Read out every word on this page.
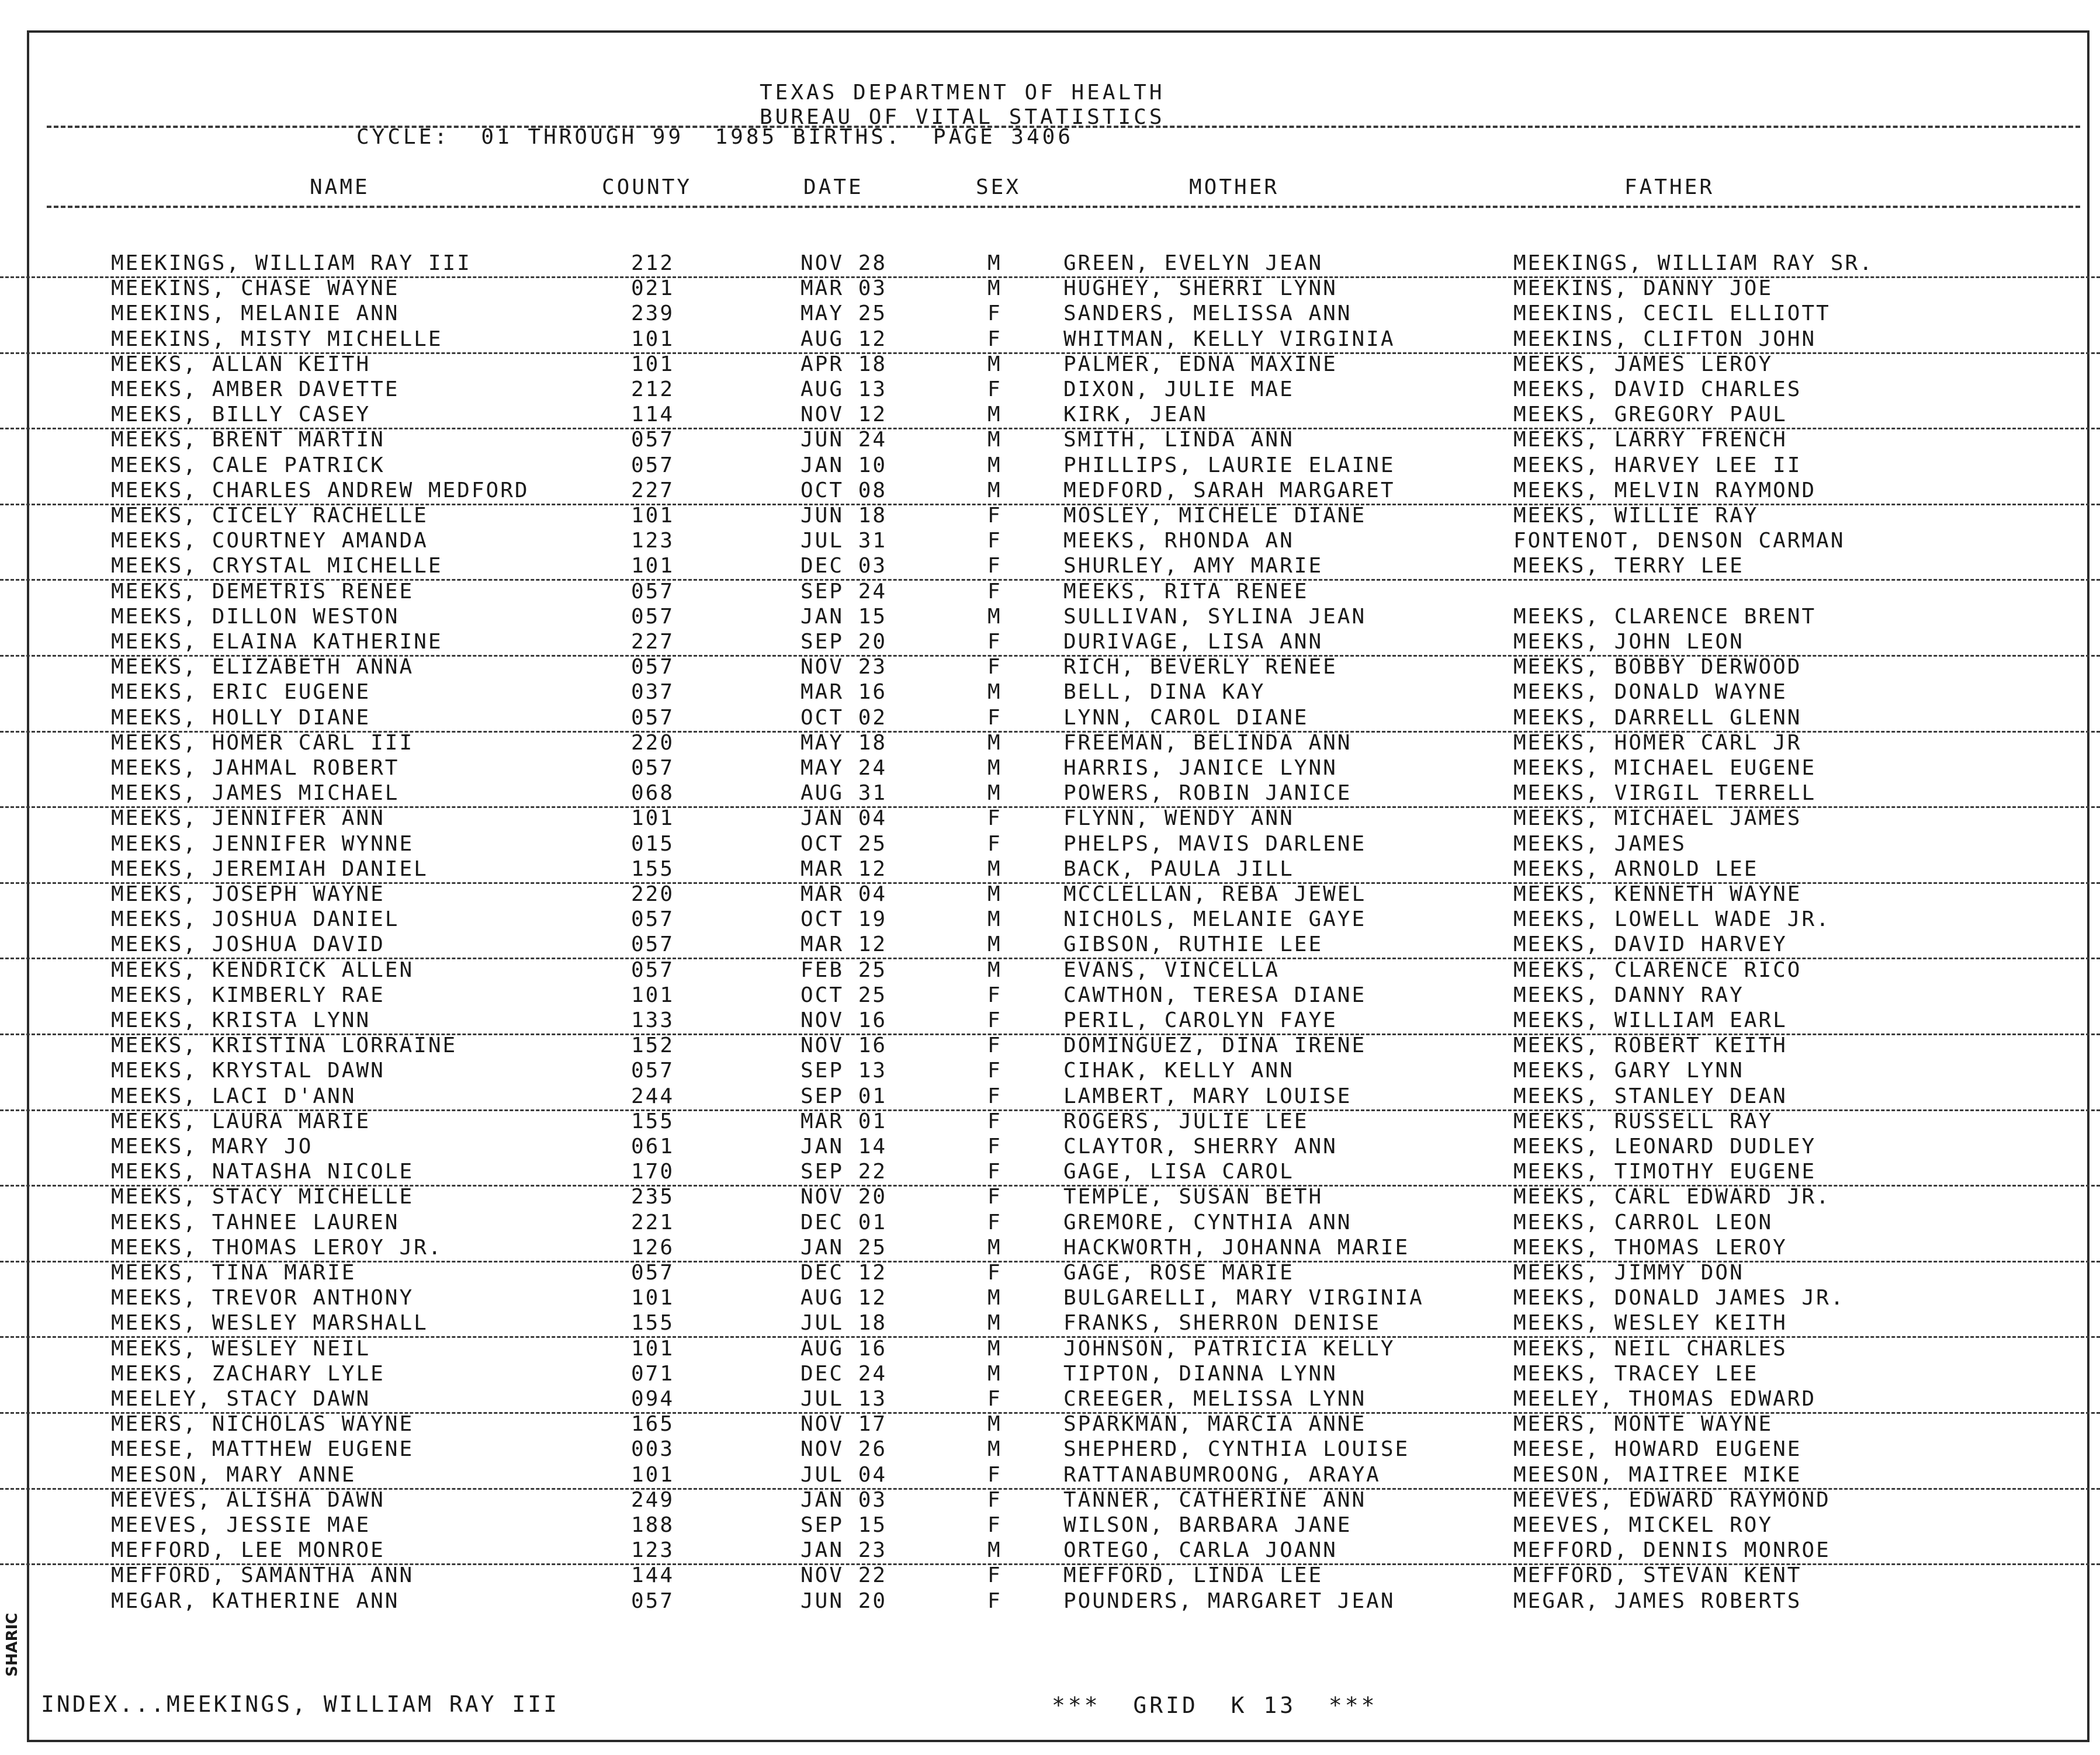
TEXAS DEPARTMENT OF HEALTH
BUREAU OF VITAL STATISTICS
CYCLE:  01 THROUGH 99  1985 BIRTHS.  PAGE 3406
NAME	COUNTY	DATE	SEX	MOTHER	FATHER
MEEKINGS, WILLIAM RAY III	212	NOV 28	M	GREEN, EVELYN JEAN	MEEKINGS, WILLIAM RAY SR.
MEEKINS, CHASE WAYNE	021	MAR 03	M	HUGHEY, SHERRI LYNN	MEEKINS, DANNY JOE
MEEKINS, MELANIE ANN	239	MAY 25	F	SANDERS, MELISSA ANN	MEEKINS, CECIL ELLIOTT
MEEKINS, MISTY MICHELLE	101	AUG 12	F	WHITMAN, KELLY VIRGINIA	MEEKINS, CLIFTON JOHN
MEEKS, ALLAN KEITH	101	APR 18	M	PALMER, EDNA MAXINE	MEEKS, JAMES LEROY
MEEKS, AMBER DAVETTE	212	AUG 13	F	DIXON, JULIE MAE	MEEKS, DAVID CHARLES
MEEKS, BILLY CASEY	114	NOV 12	M	KIRK, JEAN	MEEKS, GREGORY PAUL
MEEKS, BRENT MARTIN	057	JUN 24	M	SMITH, LINDA ANN	MEEKS, LARRY FRENCH
MEEKS, CALE PATRICK	057	JAN 10	M	PHILLIPS, LAURIE ELAINE	MEEKS, HARVEY LEE II
MEEKS, CHARLES ANDREW MEDFORD	227	OCT 08	M	MEDFORD, SARAH MARGARET	MEEKS, MELVIN RAYMOND
MEEKS, CICELY RACHELLE	101	JUN 18	F	MOSLEY, MICHELE DIANE	MEEKS, WILLIE RAY
MEEKS, COURTNEY AMANDA	123	JUL 31	F	MEEKS, RHONDA AN	FONTENOT, DENSON CARMAN
MEEKS, CRYSTAL MICHELLE	101	DEC 03	F	SHURLEY, AMY MARIE	MEEKS, TERRY LEE
MEEKS, DEMETRIS RENEE	057	SEP 24	F	MEEKS, RITA RENEE
MEEKS, DILLON WESTON	057	JAN 15	M	SULLIVAN, SYLINA JEAN	MEEKS, CLARENCE BRENT
MEEKS, ELAINA KATHERINE	227	SEP 20	F	DURIVAGE, LISA ANN	MEEKS, JOHN LEON
MEEKS, ELIZABETH ANNA	057	NOV 23	F	RICH, BEVERLY RENEE	MEEKS, BOBBY DERWOOD
MEEKS, ERIC EUGENE	037	MAR 16	M	BELL, DINA KAY	MEEKS, DONALD WAYNE
MEEKS, HOLLY DIANE	057	OCT 02	F	LYNN, CAROL DIANE	MEEKS, DARRELL GLENN
MEEKS, HOMER CARL III	220	MAY 18	M	FREEMAN, BELINDA ANN	MEEKS, HOMER CARL JR
MEEKS, JAHMAL ROBERT	057	MAY 24	M	HARRIS, JANICE LYNN	MEEKS, MICHAEL EUGENE
MEEKS, JAMES MICHAEL	068	AUG 31	M	POWERS, ROBIN JANICE	MEEKS, VIRGIL TERRELL
MEEKS, JENNIFER ANN	101	JAN 04	F	FLYNN, WENDY ANN	MEEKS, MICHAEL JAMES
MEEKS, JENNIFER WYNNE	015	OCT 25	F	PHELPS, MAVIS DARLENE	MEEKS, JAMES
MEEKS, JEREMIAH DANIEL	155	MAR 12	M	BACK, PAULA JILL	MEEKS, ARNOLD LEE
MEEKS, JOSEPH WAYNE	220	MAR 04	M	MCCLELLAN, REBA JEWEL	MEEKS, KENNETH WAYNE
MEEKS, JOSHUA DANIEL	057	OCT 19	M	NICHOLS, MELANIE GAYE	MEEKS, LOWELL WADE JR.
MEEKS, JOSHUA DAVID	057	MAR 12	M	GIBSON, RUTHIE LEE	MEEKS, DAVID HARVEY
MEEKS, KENDRICK ALLEN	057	FEB 25	M	EVANS, VINCELLA	MEEKS, CLARENCE RICO
MEEKS, KIMBERLY RAE	101	OCT 25	F	CAWTHON, TERESA DIANE	MEEKS, DANNY RAY
MEEKS, KRISTA LYNN	133	NOV 16	F	PERIL, CAROLYN FAYE	MEEKS, WILLIAM EARL
MEEKS, KRISTINA LORRAINE	152	NOV 16	F	DOMINGUEZ, DINA IRENE	MEEKS, ROBERT KEITH
MEEKS, KRYSTAL DAWN	057	SEP 13	F	CIHAK, KELLY ANN	MEEKS, GARY LYNN
MEEKS, LACI D'ANN	244	SEP 01	F	LAMBERT, MARY LOUISE	MEEKS, STANLEY DEAN
MEEKS, LAURA MARIE	155	MAR 01	F	ROGERS, JULIE LEE	MEEKS, RUSSELL RAY
MEEKS, MARY JO	061	JAN 14	F	CLAYTOR, SHERRY ANN	MEEKS, LEONARD DUDLEY
MEEKS, NATASHA NICOLE	170	SEP 22	F	GAGE, LISA CAROL	MEEKS, TIMOTHY EUGENE
MEEKS, STACY MICHELLE	235	NOV 20	F	TEMPLE, SUSAN BETH	MEEKS, CARL EDWARD JR.
MEEKS, TAHNEE LAUREN	221	DEC 01	F	GREMORE, CYNTHIA ANN	MEEKS, CARROL LEON
MEEKS, THOMAS LEROY JR.	126	JAN 25	M	HACKWORTH, JOHANNA MARIE	MEEKS, THOMAS LEROY
MEEKS, TINA MARIE	057	DEC 12	F	GAGE, ROSE MARIE	MEEKS, JIMMY DON
MEEKS, TREVOR ANTHONY	101	AUG 12	M	BULGARELLI, MARY VIRGINIA	MEEKS, DONALD JAMES JR.
MEEKS, WESLEY MARSHALL	155	JUL 18	M	FRANKS, SHERRON DENISE	MEEKS, WESLEY KEITH
MEEKS, WESLEY NEIL	101	AUG 16	M	JOHNSON, PATRICIA KELLY	MEEKS, NEIL CHARLES
MEEKS, ZACHARY LYLE	071	DEC 24	M	TIPTON, DIANNA LYNN	MEEKS, TRACEY LEE
MEELEY, STACY DAWN	094	JUL 13	F	CREEGER, MELISSA LYNN	MEELEY, THOMAS EDWARD
MEERS, NICHOLAS WAYNE	165	NOV 17	M	SPARKMAN, MARCIA ANNE	MEERS, MONTE WAYNE
MEESE, MATTHEW EUGENE	003	NOV 26	M	SHEPHERD, CYNTHIA LOUISE	MEESE, HOWARD EUGENE
MEESON, MARY ANNE	101	JUL 04	F	RATTANABUMROONG, ARAYA	MEESON, MAITREE MIKE
MEEVES, ALISHA DAWN	249	JAN 03	F	TANNER, CATHERINE ANN	MEEVES, EDWARD RAYMOND
MEEVES, JESSIE MAE	188	SEP 15	F	WILSON, BARBARA JANE	MEEVES, MICKEL ROY
MEFFORD, LEE MONROE	123	JAN 23	M	ORTEGO, CARLA JOANN	MEFFORD, DENNIS MONROE
MEFFORD, SAMANTHA ANN	144	NOV 22	F	MEFFORD, LINDA LEE	MEFFORD, STEVAN KENT
MEGAR, KATHERINE ANN	057	JUN 20	F	POUNDERS, MARGARET JEAN	MEGAR, JAMES ROBERTS
INDEX...MEEKINGS, WILLIAM RAY III	***  GRID  K 13  ***
SHARIC
